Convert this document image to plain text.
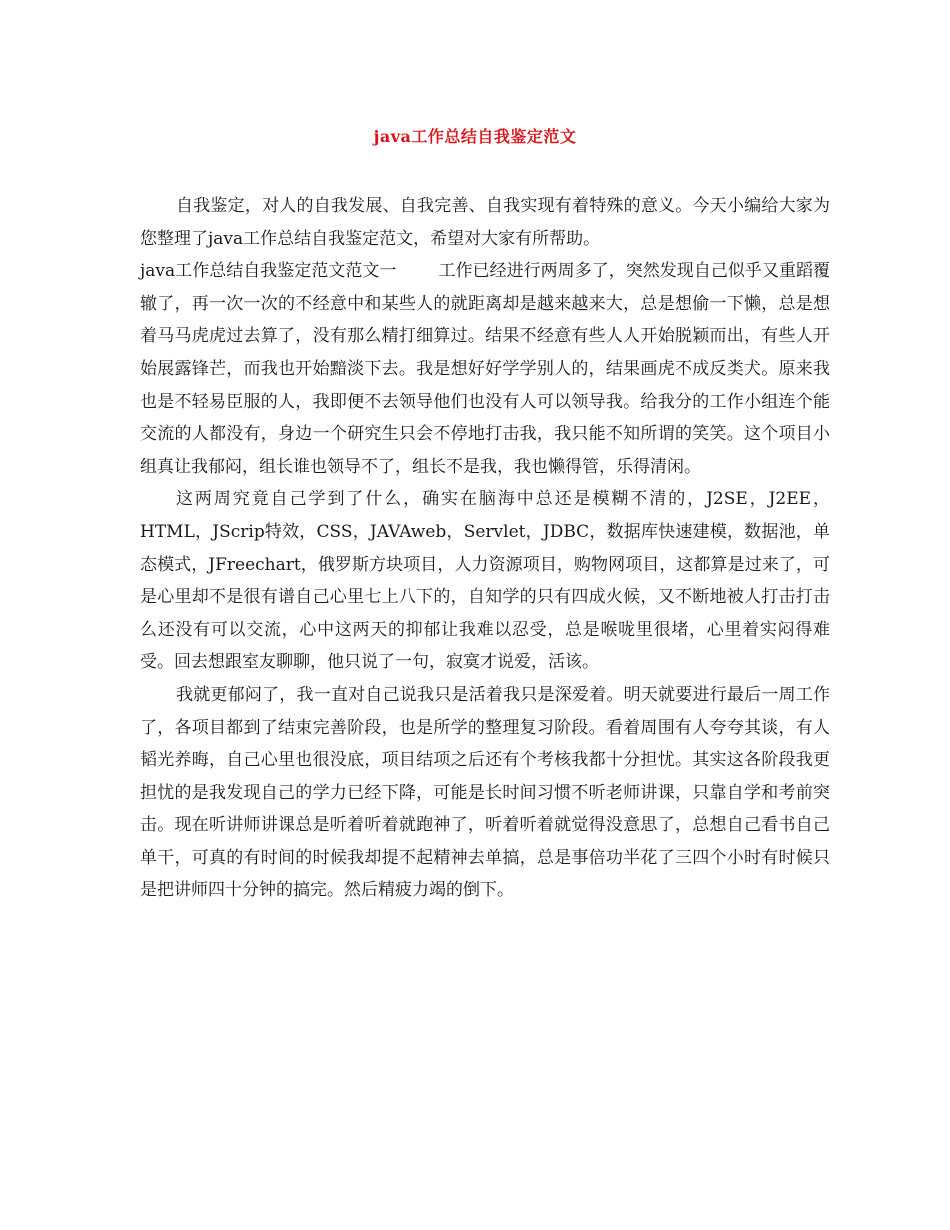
java工作总结自我鉴定范文

自我鉴定，对人的自我发展、自我完善、自我实现有着特殊的意义。今天小编给大家为您整理了java工作总结自我鉴定范文，希望对大家有所帮助。

java工作总结自我鉴定范文范文一 工作已经进行两周多了，突然发现自己似乎又重蹈覆辙了，再一次一次的不经意中和某些人的就距离却是越来越来大，总是想偷一下懒，总是想着马马虎虎过去算了，没有那么精打细算过。结果不经意有些人人开始脱颖而出，有些人开始展露锋芒，而我也开始黯淡下去。我是想好好学学别人的，结果画虎不成反类犬。原来我也是不轻易臣服的人，我即便不去领导他们也没有人可以领导我。给我分的工作小组连个能交流的人都没有，身边一个研究生只会不停地打击我，我只能不知所谓的笑笑。这个项目小组真让我郁闷，组长谁也领导不了，组长不是我，我也懒得管，乐得清闲。

这两周究竟自己学到了什么，确实在脑海中总还是模糊不清的，J2SE，J2EE，HTML，JScrip特效，CSS，JAVAweb，Servlet，JDBC，数据库快速建模，数据池，单态模式，JFreechart，俄罗斯方块项目，人力资源项目，购物网项目，这都算是过来了，可是心里却不是很有谱自己心里七上八下的，自知学的只有四成火候，又不断地被人打击打击么还没有可以交流，心中这两天的抑郁让我难以忍受，总是喉咙里很堵，心里着实闷得难受。回去想跟室友聊聊，他只说了一句，寂寞才说爱，活该。

我就更郁闷了，我一直对自己说我只是活着我只是深爱着。明天就要进行最后一周工作了，各项目都到了结束完善阶段，也是所学的整理复习阶段。看着周围有人夸夸其谈，有人韬光养晦，自己心里也很没底，项目结项之后还有个考核我都十分担忧。其实这各阶段我更担忧的是我发现自己的学力已经下降，可能是长时间习惯不听老师讲课，只靠自学和考前突击。现在听讲师讲课总是听着听着就跑神了，听着听着就觉得没意思了，总想自己看书自己单干，可真的有时间的时候我却提不起精神去单搞，总是事倍功半花了三四个小时有时候只是把讲师四十分钟的搞完。然后精疲力竭的倒下。
